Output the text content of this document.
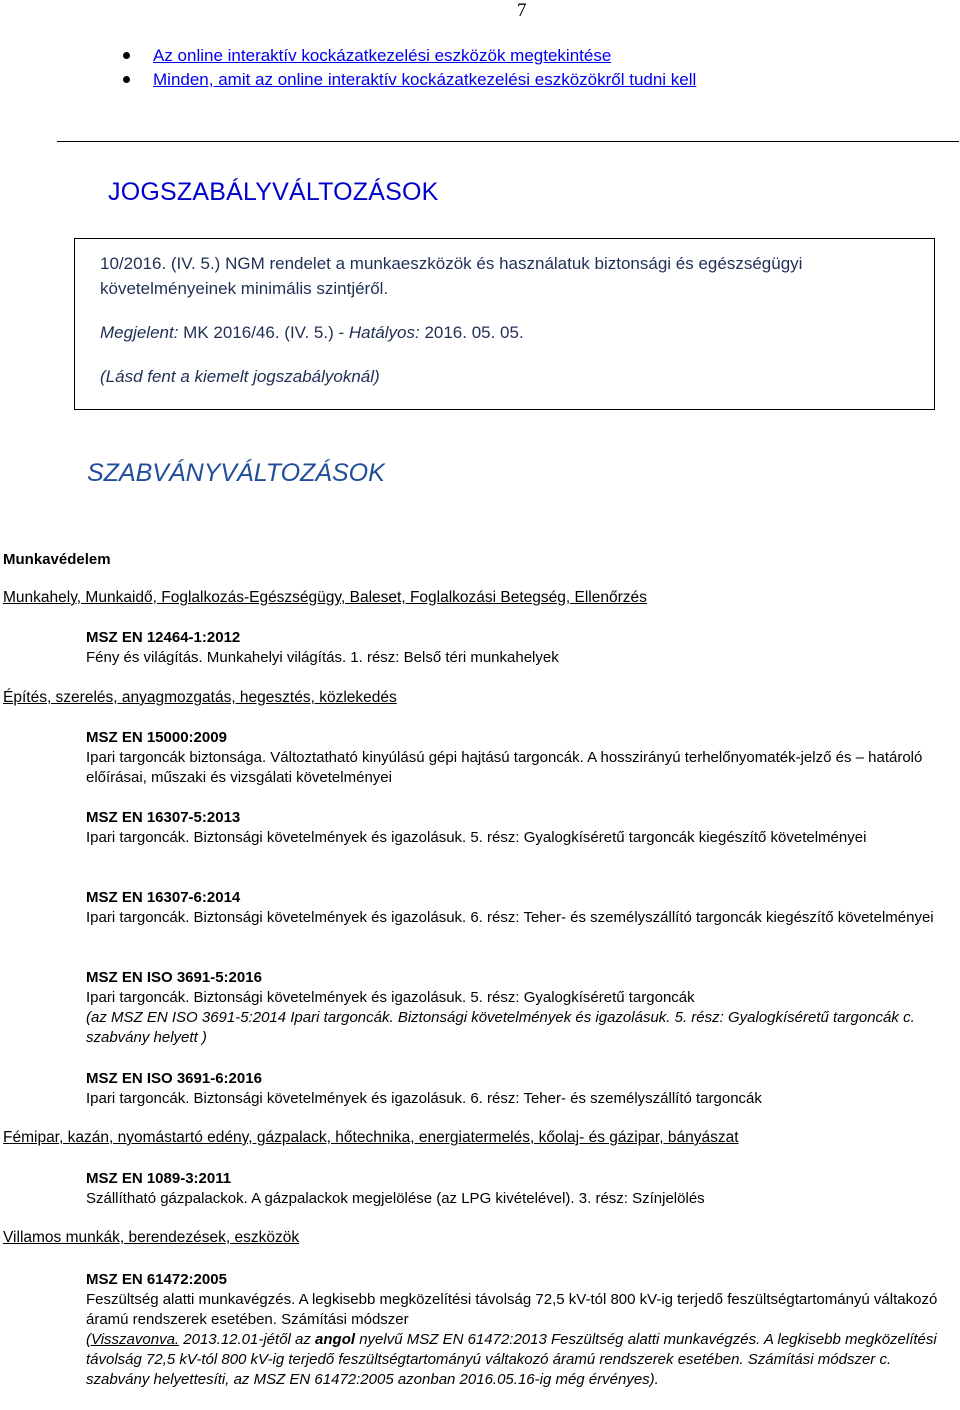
7
Az online interaktív kockázatkezelési eszközök megtekintése
Minden, amit az online interaktív kockázatkezelési eszközökről tudni kell
JOGSZABÁLYVÁLTOZÁSOK

10/2016. (IV. 5.) NGM rendelet a munkaeszközök és használatuk biztonsági és egészségügyi

követelményeinek minimális szintjéről.

Megjelent: MK 2016/46. (IV. 5.) - Hatályos: 2016. 05. 05.

(Lásd fent a kiemelt jogszabályoknál)

SZABVÁNYVÁLTOZÁSOK
Munkavédelem
Munkahely, Munkaidő, Foglalkozás-Egészségügy, Baleset, Foglalkozási Betegség, Ellenőrzés
MSZ EN 12464-1:2012
Fény és világítás. Munkahelyi világítás. 1. rész: Belső téri munkahelyek
Építés, szerelés, anyagmozgatás, hegesztés, közlekedés
MSZ EN 15000:2009
Ipari targoncák biztonsága. Változtatható kinyúlású gépi hajtású targoncák. A hosszirányú terhelőnyomaték-jelző és – határoló előírásai, műszaki és vizsgálati követelményei
MSZ EN 16307-5:2013
Ipari targoncák. Biztonsági követelmények és igazolásuk. 5. rész: Gyalogkíséretű targoncák kiegészítő követelményei
MSZ EN 16307-6:2014
Ipari targoncák. Biztonsági követelmények és igazolásuk. 6. rész: Teher- és személyszállító targoncák kiegészítő követelményei
MSZ EN ISO 3691-5:2016
Ipari targoncák. Biztonsági követelmények és igazolásuk. 5. rész: Gyalogkíséretű targoncák
(az MSZ EN ISO 3691-5:2014 Ipari targoncák. Biztonsági követelmények és igazolásuk. 5. rész: Gyalogkíséretű targoncák c. szabvány helyett )
MSZ EN ISO 3691-6:2016
Ipari targoncák. Biztonsági követelmények és igazolásuk. 6. rész: Teher- és személyszállító targoncák
Fémipar, kazán, nyomástartó edény, gázpalack, hőtechnika, energiatermelés, kőolaj- és gázipar, bányászat
MSZ EN 1089-3:2011
Szállítható gázpalackok. A gázpalackok megjelölése (az LPG kivételével). 3. rész: Színjelölés
Villamos munkák, berendezések, eszközök
MSZ EN 61472:2005
Feszültség alatti munkavégzés. A legkisebb megközelítési távolság 72,5 kV-tól 800 kV-ig terjedő feszültségtartományú váltakozó áramú rendszerek esetében. Számítási módszer
(Visszavonva. 2013.12.01-jétől az angol nyelvű MSZ EN 61472:2013 Feszültség alatti munkavégzés. A legkisebb megközelítési távolság 72,5 kV-tól 800 kV-ig terjedő feszültségtartományú váltakozó áramú rendszerek esetében. Számítási módszer c. szabvány helyettesíti, az MSZ EN 61472:2005 azonban 2016.05.16-ig még érvényes).
